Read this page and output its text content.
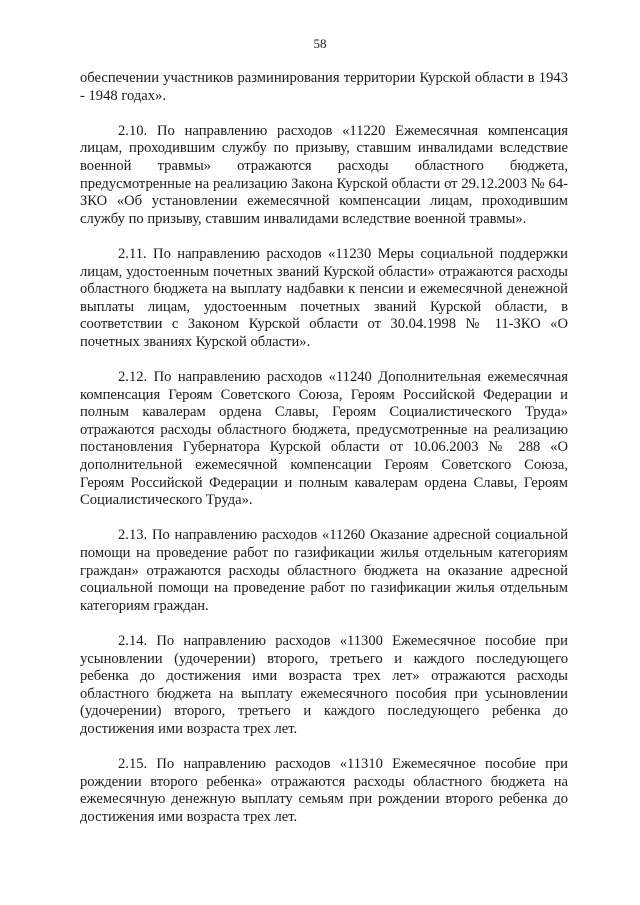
58

обеспечении участников разминирования территории Курской области в 1943 - 1948 годах».

2.10. По направлению расходов «11220 Ежемесячная компенсация лицам, проходившим службу по призыву, ставшим инвалидами вследствие военной травмы» отражаются расходы областного бюджета, предусмотренные на реализацию Закона Курской области от 29.12.2003 № 64-ЗКО «Об установлении ежемесячной компенсации лицам, проходившим службу по призыву, ставшим инвалидами вследствие военной травмы».

2.11. По направлению расходов «11230 Меры социальной поддержки лицам, удостоенным почетных званий Курской области» отражаются расходы областного бюджета на выплату надбавки к пенсии и ежемесячной денежной выплаты лицам, удостоенным почетных званий Курской области, в соответствии с Законом Курской области от 30.04.1998 № 11-ЗКО «О почетных званиях Курской области».

2.12. По направлению расходов «11240 Дополнительная ежемесячная компенсация Героям Советского Союза, Героям Российской Федерации и полным кавалерам ордена Славы, Героям Социалистического Труда» отражаются расходы областного бюджета, предусмотренные на реализацию постановления Губернатора Курской области от 10.06.2003 № 288 «О дополнительной ежемесячной компенсации Героям Советского Союза, Героям Российской Федерации и полным кавалерам ордена Славы, Героям Социалистического Труда».

2.13. По направлению расходов «11260 Оказание адресной социальной помощи на проведение работ по газификации жилья отдельным категориям граждан» отражаются расходы областного бюджета на оказание адресной социальной помощи на проведение работ по газификации жилья отдельным категориям граждан.

2.14. По направлению расходов «11300 Ежемесячное пособие при усыновлении (удочерении) второго, третьего и каждого последующего ребенка до достижения ими возраста трех лет» отражаются расходы областного бюджета на выплату ежемесячного пособия при усыновлении (удочерении) второго, третьего и каждого последующего ребенка до достижения ими возраста трех лет.

2.15. По направлению расходов «11310 Ежемесячное пособие при рождении второго ребенка» отражаются расходы областного бюджета на ежемесячную денежную выплату семьям при рождении второго ребенка до достижения ими возраста трех лет.
